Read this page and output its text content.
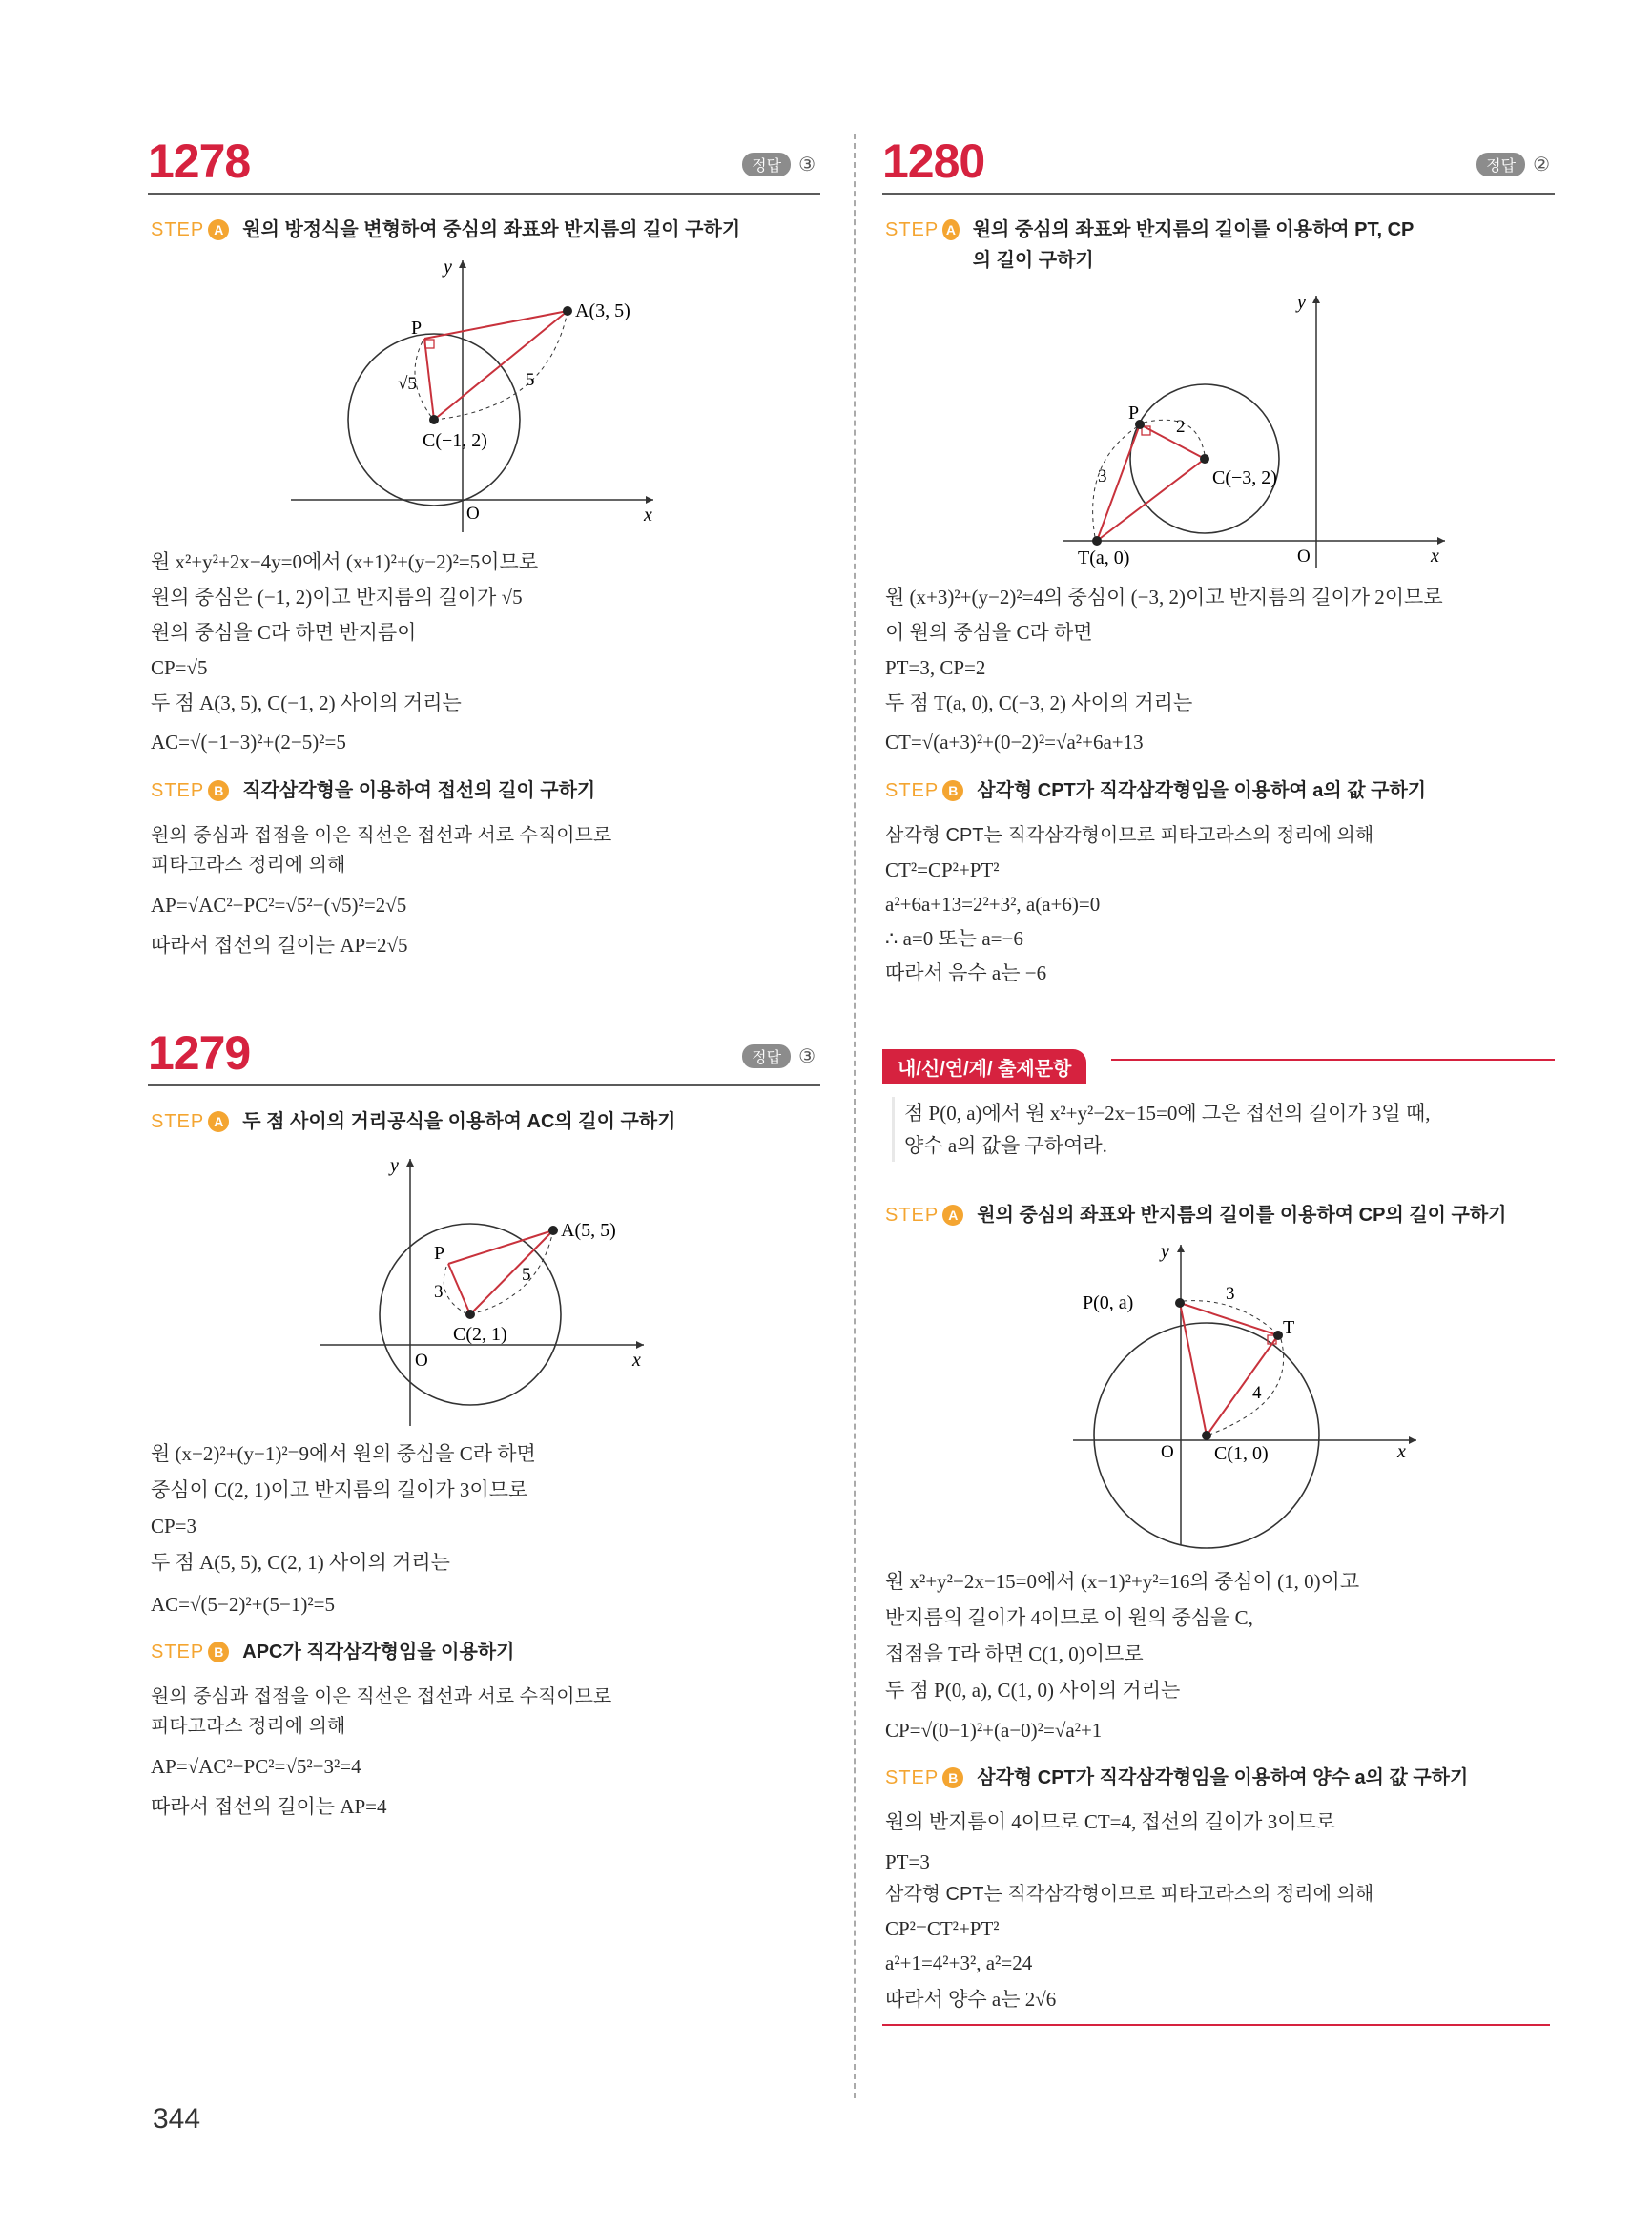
1278	정답 ③
STEP A 원의 방정식을 변형하여 중심의 좌표와 반지름의 길이 구하기
y
x
O
A(3, 5)
P
C(−1, 2)
√5	5
원 x²+y²+2x−4y=0에서 (x+1)²+(y−2)²=5이므로
원의 중심은 (−1, 2)이고 반지름의 길이가 √5
원의 중심을 C라 하면 반지름이
CP=√5
두 점 A(3, 5), C(−1, 2) 사이의 거리는
AC=√(−1−3)²+(2−5)²=5
STEP B 직각삼각형을 이용하여 접선의 길이 구하기
원의 중심과 접점을 이은 직선은 접선과 서로 수직이므로
피타고라스 정리에 의해
AP=√AC²−PC²=√5²−(√5)²=2√5
따라서 접선의 길이는 AP=2√5
1279	정답 ③
STEP A 두 점 사이의 거리공식을 이용하여 AC의 길이 구하기
y
x
O
A(5, 5)
P
C(2, 1)
3
5
원 (x−2)²+(y−1)²=9에서 원의 중심을 C라 하면
중심이 C(2, 1)이고 반지름의 길이가 3이므로
CP=3
두 점 A(5, 5), C(2, 1) 사이의 거리는
AC=√(5−2)²+(5−1)²=5
STEP B APC가 직각삼각형임을 이용하기
원의 중심과 접점을 이은 직선은 접선과 서로 수직이므로
피타고라스 정리에 의해
AP=√AC²−PC²=√5²−3²=4
따라서 접선의 길이는 AP=4
1280	정답 ②
STEP A 원의 중심의 좌표와 반지름의 길이를 이용하여 PT, CP의 길이 구하기
y
x
O
T(a, 0)
P
C(−3, 2)
2
3
원 (x+3)²+(y−2)²=4의 중심이 (−3, 2)이고 반지름의 길이가 2이므로
이 원의 중심을 C라 하면
PT=3, CP=2
두 점 T(a, 0), C(−3, 2) 사이의 거리는
CT=√(a+3)²+(0−2)²=√a²+6a+13
STEP B 삼각형 CPT가 직각삼각형임을 이용하여 a의 값 구하기
삼각형 CPT는 직각삼각형이므로 피타고라스의 정리에 의해
CT²=CP²+PT²
a²+6a+13=2²+3², a(a+6)=0
∴ a=0 또는 a=−6
따라서 음수 a는 −6
내/신/연/계/ 출제문항
점 P(0, a)에서 원 x²+y²−2x−15=0에 그은 접선의 길이가 3일 때,
양수 a의 값을 구하여라.
STEP A 원의 중심의 좌표와 반지름의 길이를 이용하여 CP의 길이 구하기
y
x
O
P(0, a)
T
C(1, 0)
4
3
원 x²+y²−2x−15=0에서 (x−1)²+y²=16의 중심이 (1, 0)이고
반지름의 길이가 4이므로 이 원의 중심을 C,
접점을 T라 하면 C(1, 0)이므로
두 점 P(0, a), C(1, 0) 사이의 거리는
CP=√(0−1)²+(a−0)²=√a²+1
STEP B 삼각형 CPT가 직각삼각형임을 이용하여 양수 a의 값 구하기
원의 반지름이 4이므로 CT=4, 접선의 길이가 3이므로
PT=3
삼각형 CPT는 직각삼각형이므로 피타고라스의 정리에 의해
CP²=CT²+PT²
a²+1=4²+3², a²=24
따라서 양수 a는 2√6
344
